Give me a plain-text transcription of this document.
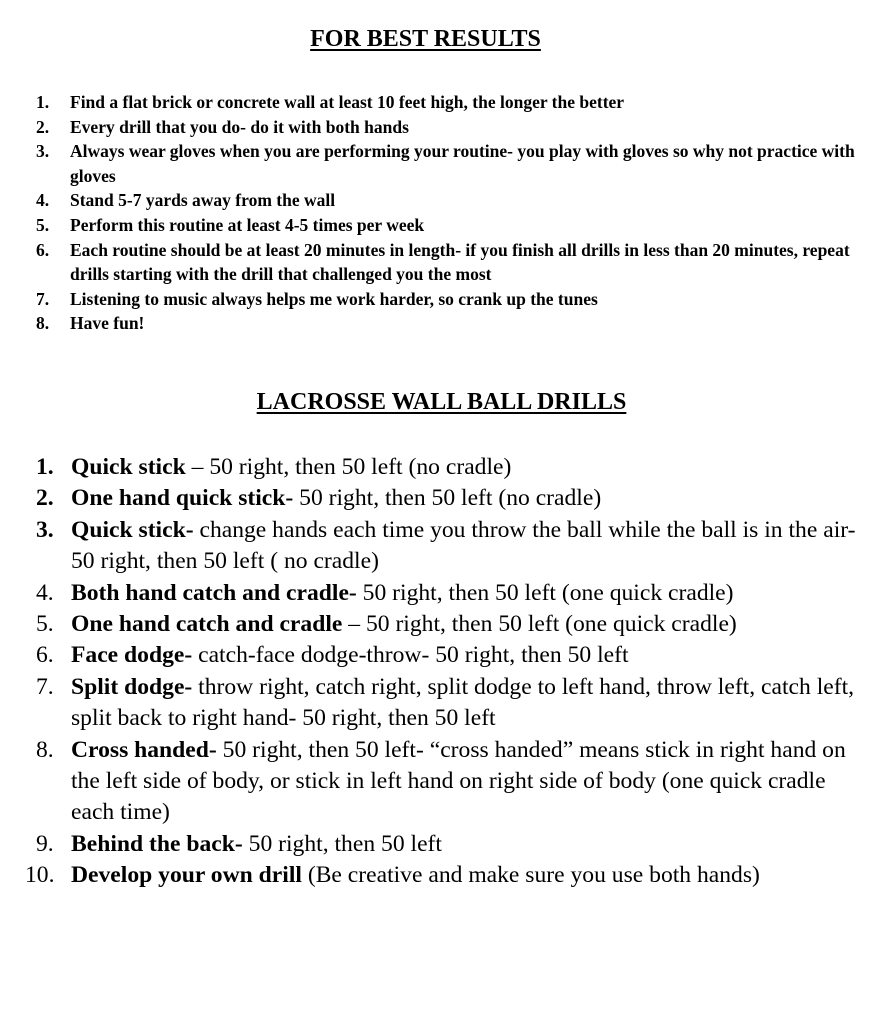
FOR BEST RESULTS
1.	Find a flat brick or concrete wall at least 10 feet high, the longer the better
2.	Every drill that you do- do it with both hands
3.	Always wear gloves when you are performing your routine- you play with gloves so why not practice with gloves
4.	Stand 5-7 yards away from the wall
5.	Perform this routine at least 4-5 times per week
6.	Each routine should be at least 20 minutes in length- if you finish all drills in less than 20 minutes, repeat drills starting with the drill that challenged you the most
7.	Listening to music always helps me work harder, so crank up the tunes
8.	Have fun!
LACROSSE WALL BALL DRILLS
1. Quick stick – 50 right, then 50 left (no cradle)
2. One hand quick stick- 50 right, then 50 left (no cradle)
3. Quick stick- change hands each time you throw the ball while the ball is in the air- 50 right, then 50 left ( no cradle)
4. Both hand catch and cradle- 50 right, then 50 left (one quick cradle)
5. One hand catch and cradle – 50 right, then 50 left (one quick cradle)
6. Face dodge- catch-face dodge-throw- 50 right, then 50 left
7. Split dodge- throw right, catch right, split dodge to left hand, throw left, catch left, split back to right hand- 50 right, then 50 left
8. Cross handed- 50 right, then 50 left- “cross handed” means stick in right hand on the left side of body, or stick in left hand on right side of body (one quick cradle each time)
9. Behind the back- 50 right, then 50 left
10. Develop your own drill (Be creative and make sure you use both hands)
